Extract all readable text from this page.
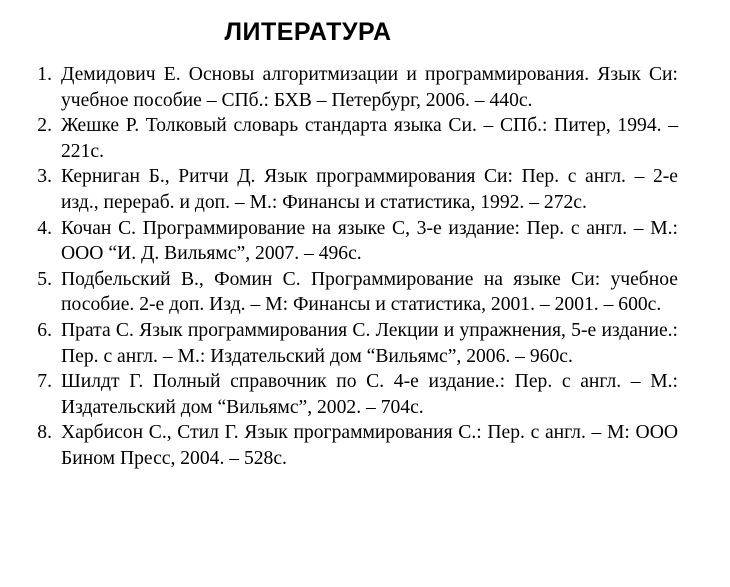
ЛИТЕРАТУРА
1. Демидович Е. Основы алгоритмизации и программирования. Язык Си: учебное пособие – СПб.: БХВ – Петербург, 2006. – 440с.
2. Жешке Р. Толковый словарь стандарта языка Си. – СПб.: Питер, 1994. – 221с.
3. Керниган Б., Ритчи Д. Язык программирования Си: Пер. с англ. – 2-е изд., перераб. и доп. – М.: Финансы и статистика, 1992. – 272с.
4. Кочан С. Программирование на языке С, 3-е издание: Пер. с англ. – М.: ООО “И. Д. Вильямс”, 2007. – 496с.
5. Подбельский В., Фомин С. Программирование на языке Си: учебное пособие. 2-е доп. Изд. – М: Финансы и статистика, 2001. – 2001. – 600с.
6. Прата С. Язык программирования С. Лекции и упражнения, 5-е издание.: Пер. с англ. – М.: Издательский дом “Вильямс”, 2006. – 960с.
7. Шилдт Г. Полный справочник по С. 4-е издание.: Пер. с англ. – М.: Издательский дом “Вильямс”, 2002. – 704с.
8. Харбисон С., Стил Г. Язык программирования С.: Пер. с англ. – М: ООО Бином Пресс, 2004. – 528с.
